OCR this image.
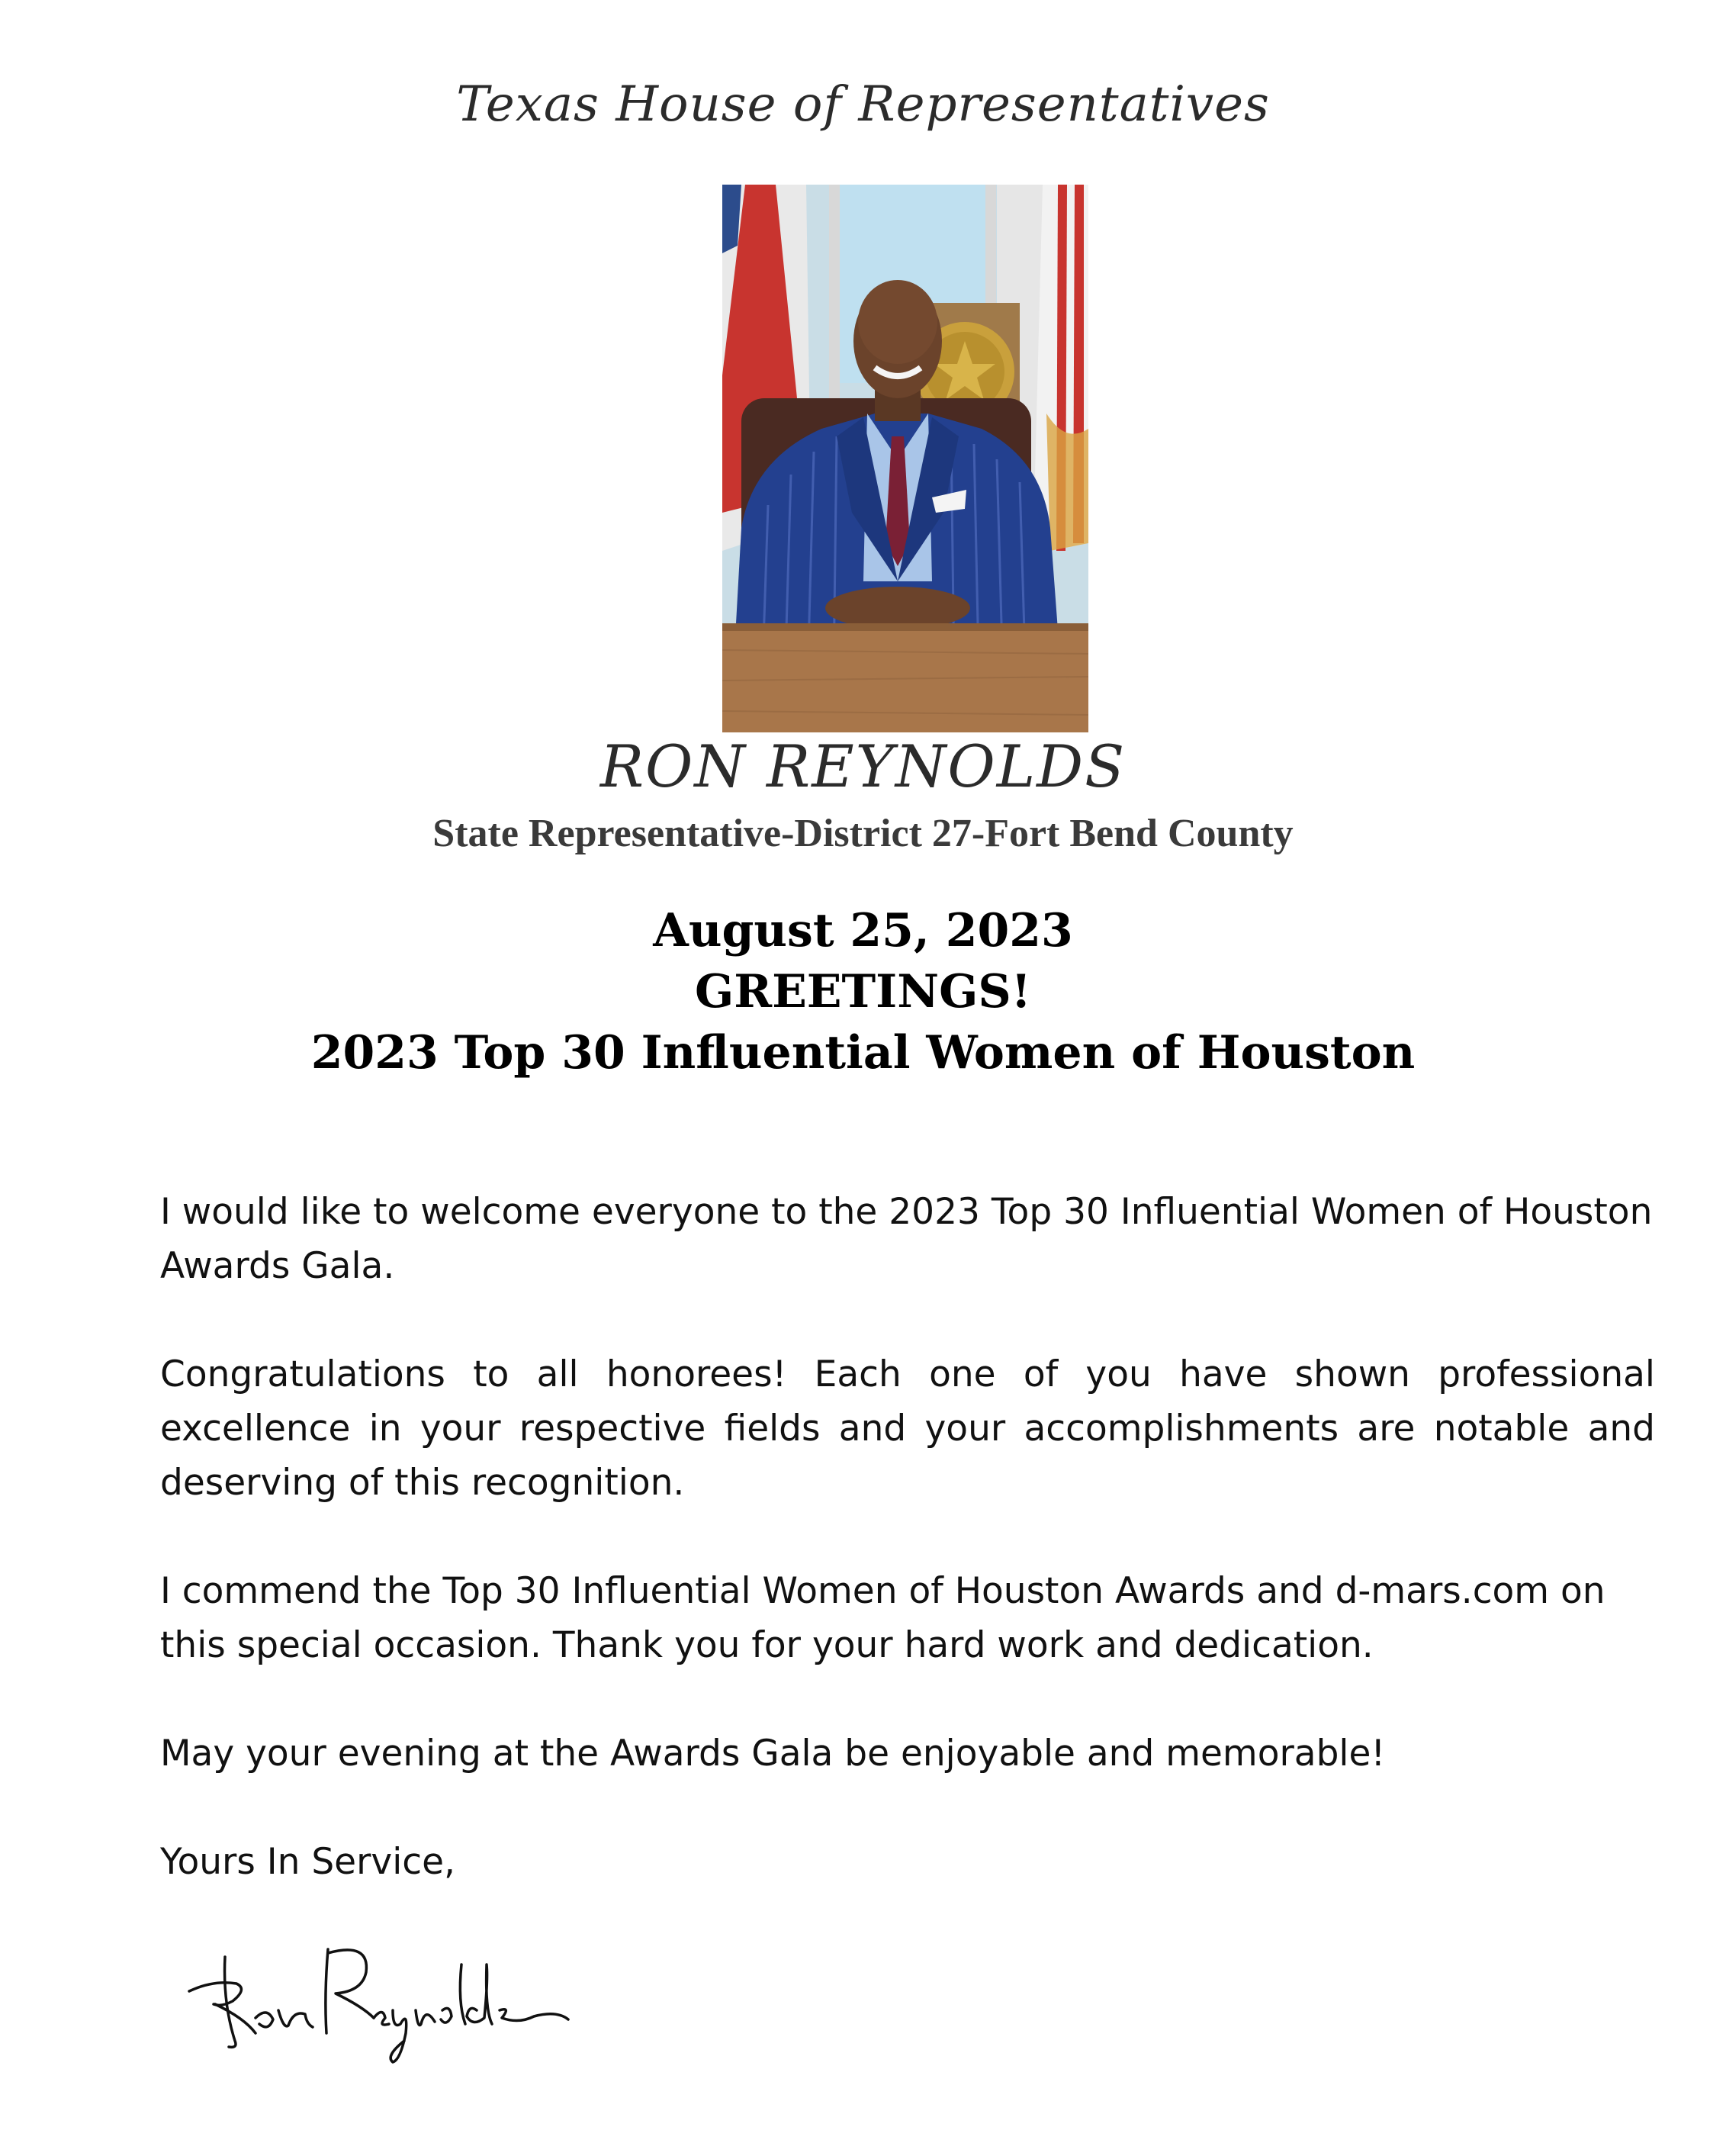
Texas House of Representatives
RON REYNOLDS
State Representative-District 27-Fort Bend County
August 25, 2023
GREETINGS!
2023 Top 30 Influential Women of Houston

I would like to welcome everyone to the 2023 Top 30 Influential Women of Houston Awards Gala.

Congratulations to all honorees! Each one of you have shown professional excellence in your respective fields and your accomplishments are notable and deserving of this recognition.

I commend the Top 30 Influential Women of Houston Awards and d-mars.com on this special occasion. Thank you for your hard work and dedication.

May your evening at the Awards Gala be enjoyable and memorable!

Yours In Service,
